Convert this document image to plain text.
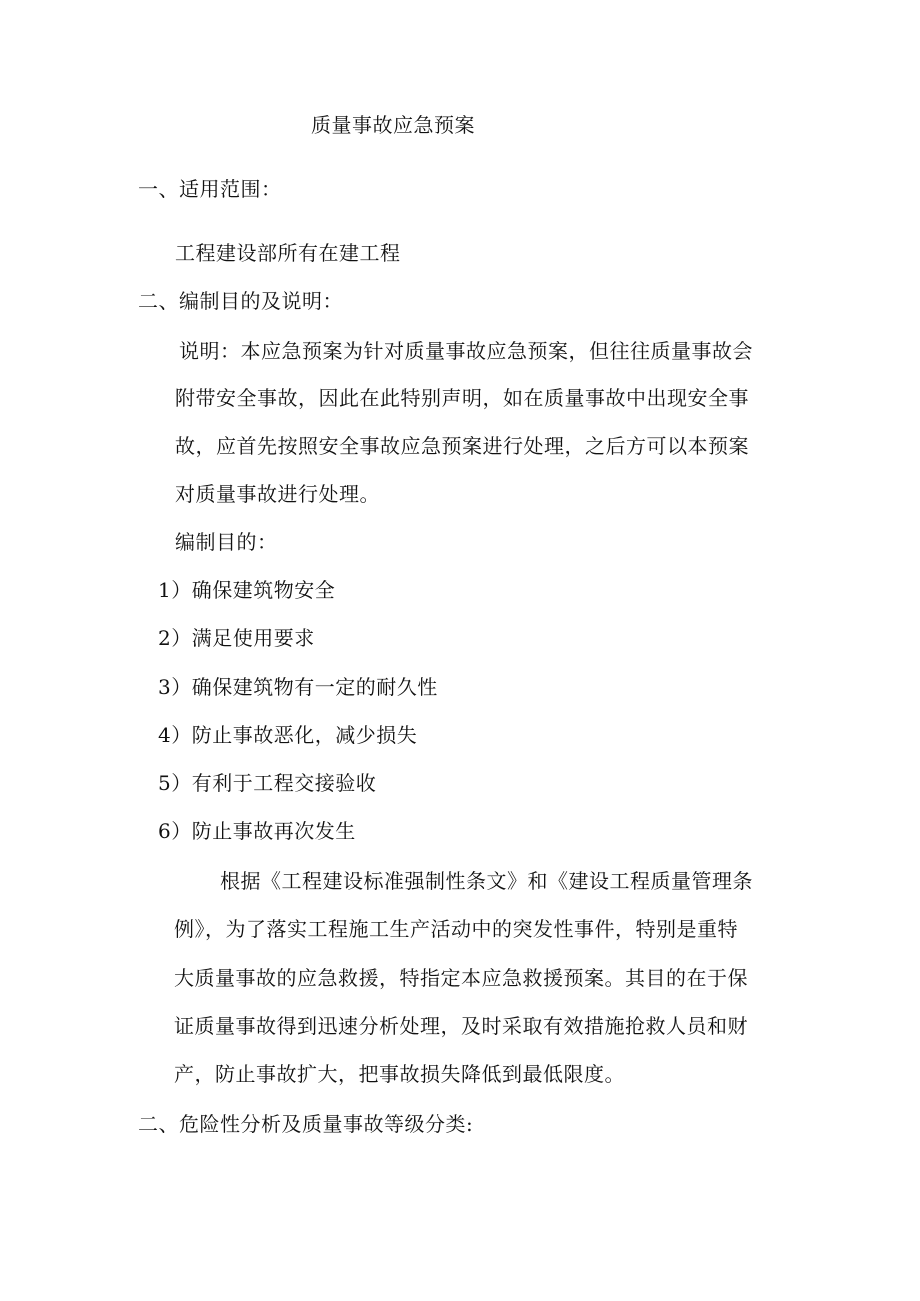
质量事故应急预案
一、适用范围：
工程建设部所有在建工程
二、编制目的及说明：
说明：本应急预案为针对质量事故应急预案，但往往质量事故会
附带安全事故，因此在此特别声明，如在质量事故中出现安全事
故，应首先按照安全事故应急预案进行处理，之后方可以本预案
对质量事故进行处理。
编制目的：
1）确保建筑物安全
2）满足使用要求
3）确保建筑物有一定的耐久性
4）防止事故恶化，减少损失
5）有利于工程交接验收
6）防止事故再次发生
根据《工程建设标准强制性条文》和《建设工程质量管理条
例》，为了落实工程施工生产活动中的突发性事件，特别是重特
大质量事故的应急救援，特指定本应急救援预案。其目的在于保
证质量事故得到迅速分析处理，及时采取有效措施抢救人员和财
产，防止事故扩大，把事故损失降低到最低限度。
二、危险性分析及质量事故等级分类:
